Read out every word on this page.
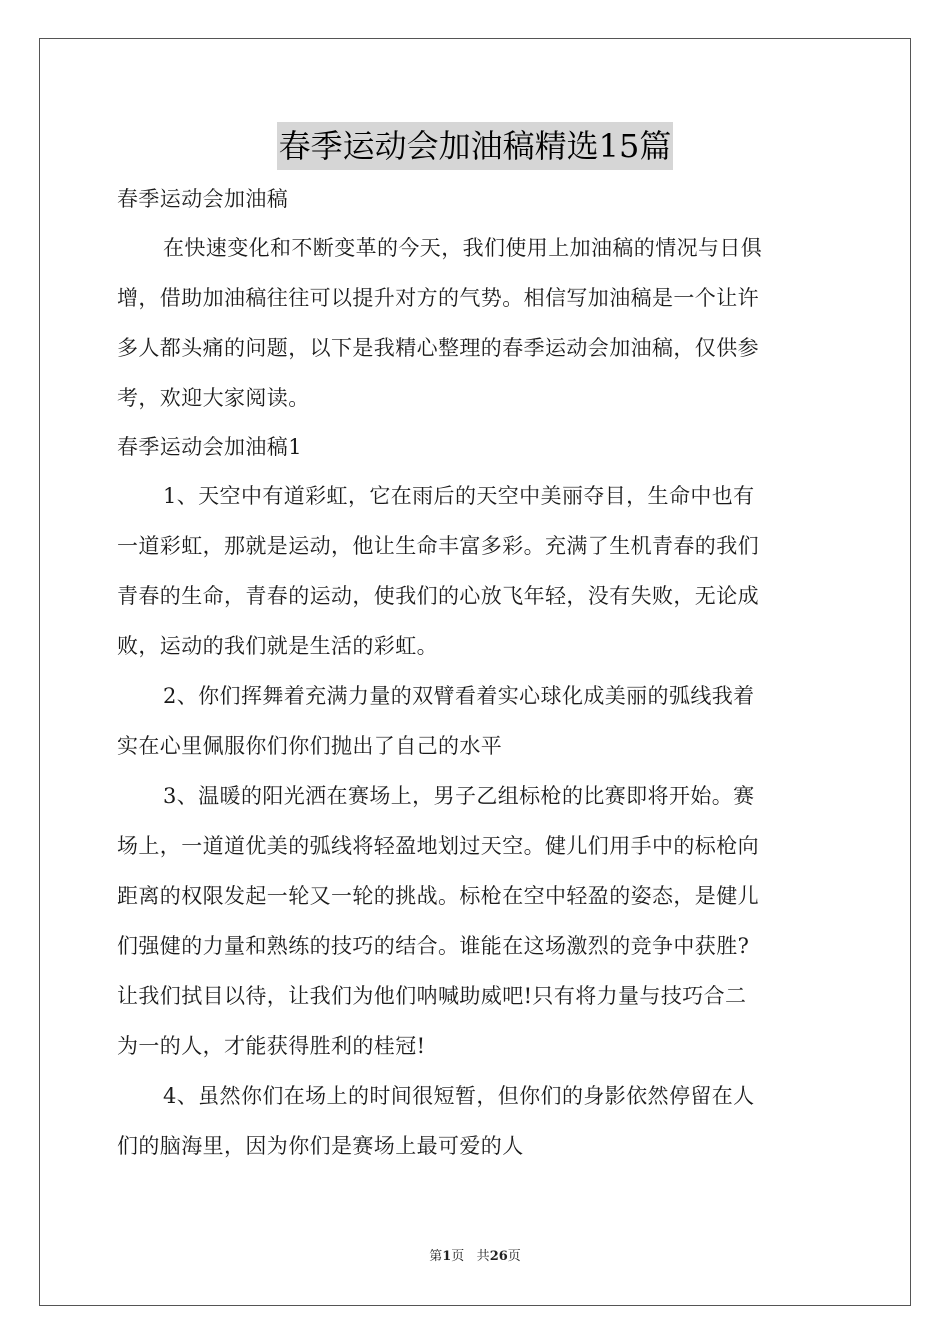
春季运动会加油稿精选15篇
春季运动会加油稿
在快速变化和不断变革的今天，我们使用上加油稿的情况与日俱
增，借助加油稿往往可以提升对方的气势。相信写加油稿是一个让许
多人都头痛的问题，以下是我精心整理的春季运动会加油稿，仅供参
考，欢迎大家阅读。
春季运动会加油稿1
1、天空中有道彩虹，它在雨后的天空中美丽夺目，生命中也有
一道彩虹，那就是运动，他让生命丰富多彩。充满了生机青春的我们
青春的生命，青春的运动，使我们的心放飞年轻，没有失败，无论成
败，运动的我们就是生活的彩虹。
2、你们挥舞着充满力量的双臂看着实心球化成美丽的弧线我着
实在心里佩服你们你们抛出了自己的水平
3、温暖的阳光洒在赛场上，男子乙组标枪的比赛即将开始。赛
场上，一道道优美的弧线将轻盈地划过天空。健儿们用手中的标枪向
距离的权限发起一轮又一轮的挑战。标枪在空中轻盈的姿态，是健儿
们强健的力量和熟练的技巧的结合。谁能在这场激烈的竞争中获胜?
让我们拭目以待，让我们为他们呐喊助威吧!只有将力量与技巧合二
为一的人，才能获得胜利的桂冠!
4、虽然你们在场上的时间很短暂，但你们的身影依然停留在人
们的脑海里，因为你们是赛场上最可爱的人
第1页 共26页
